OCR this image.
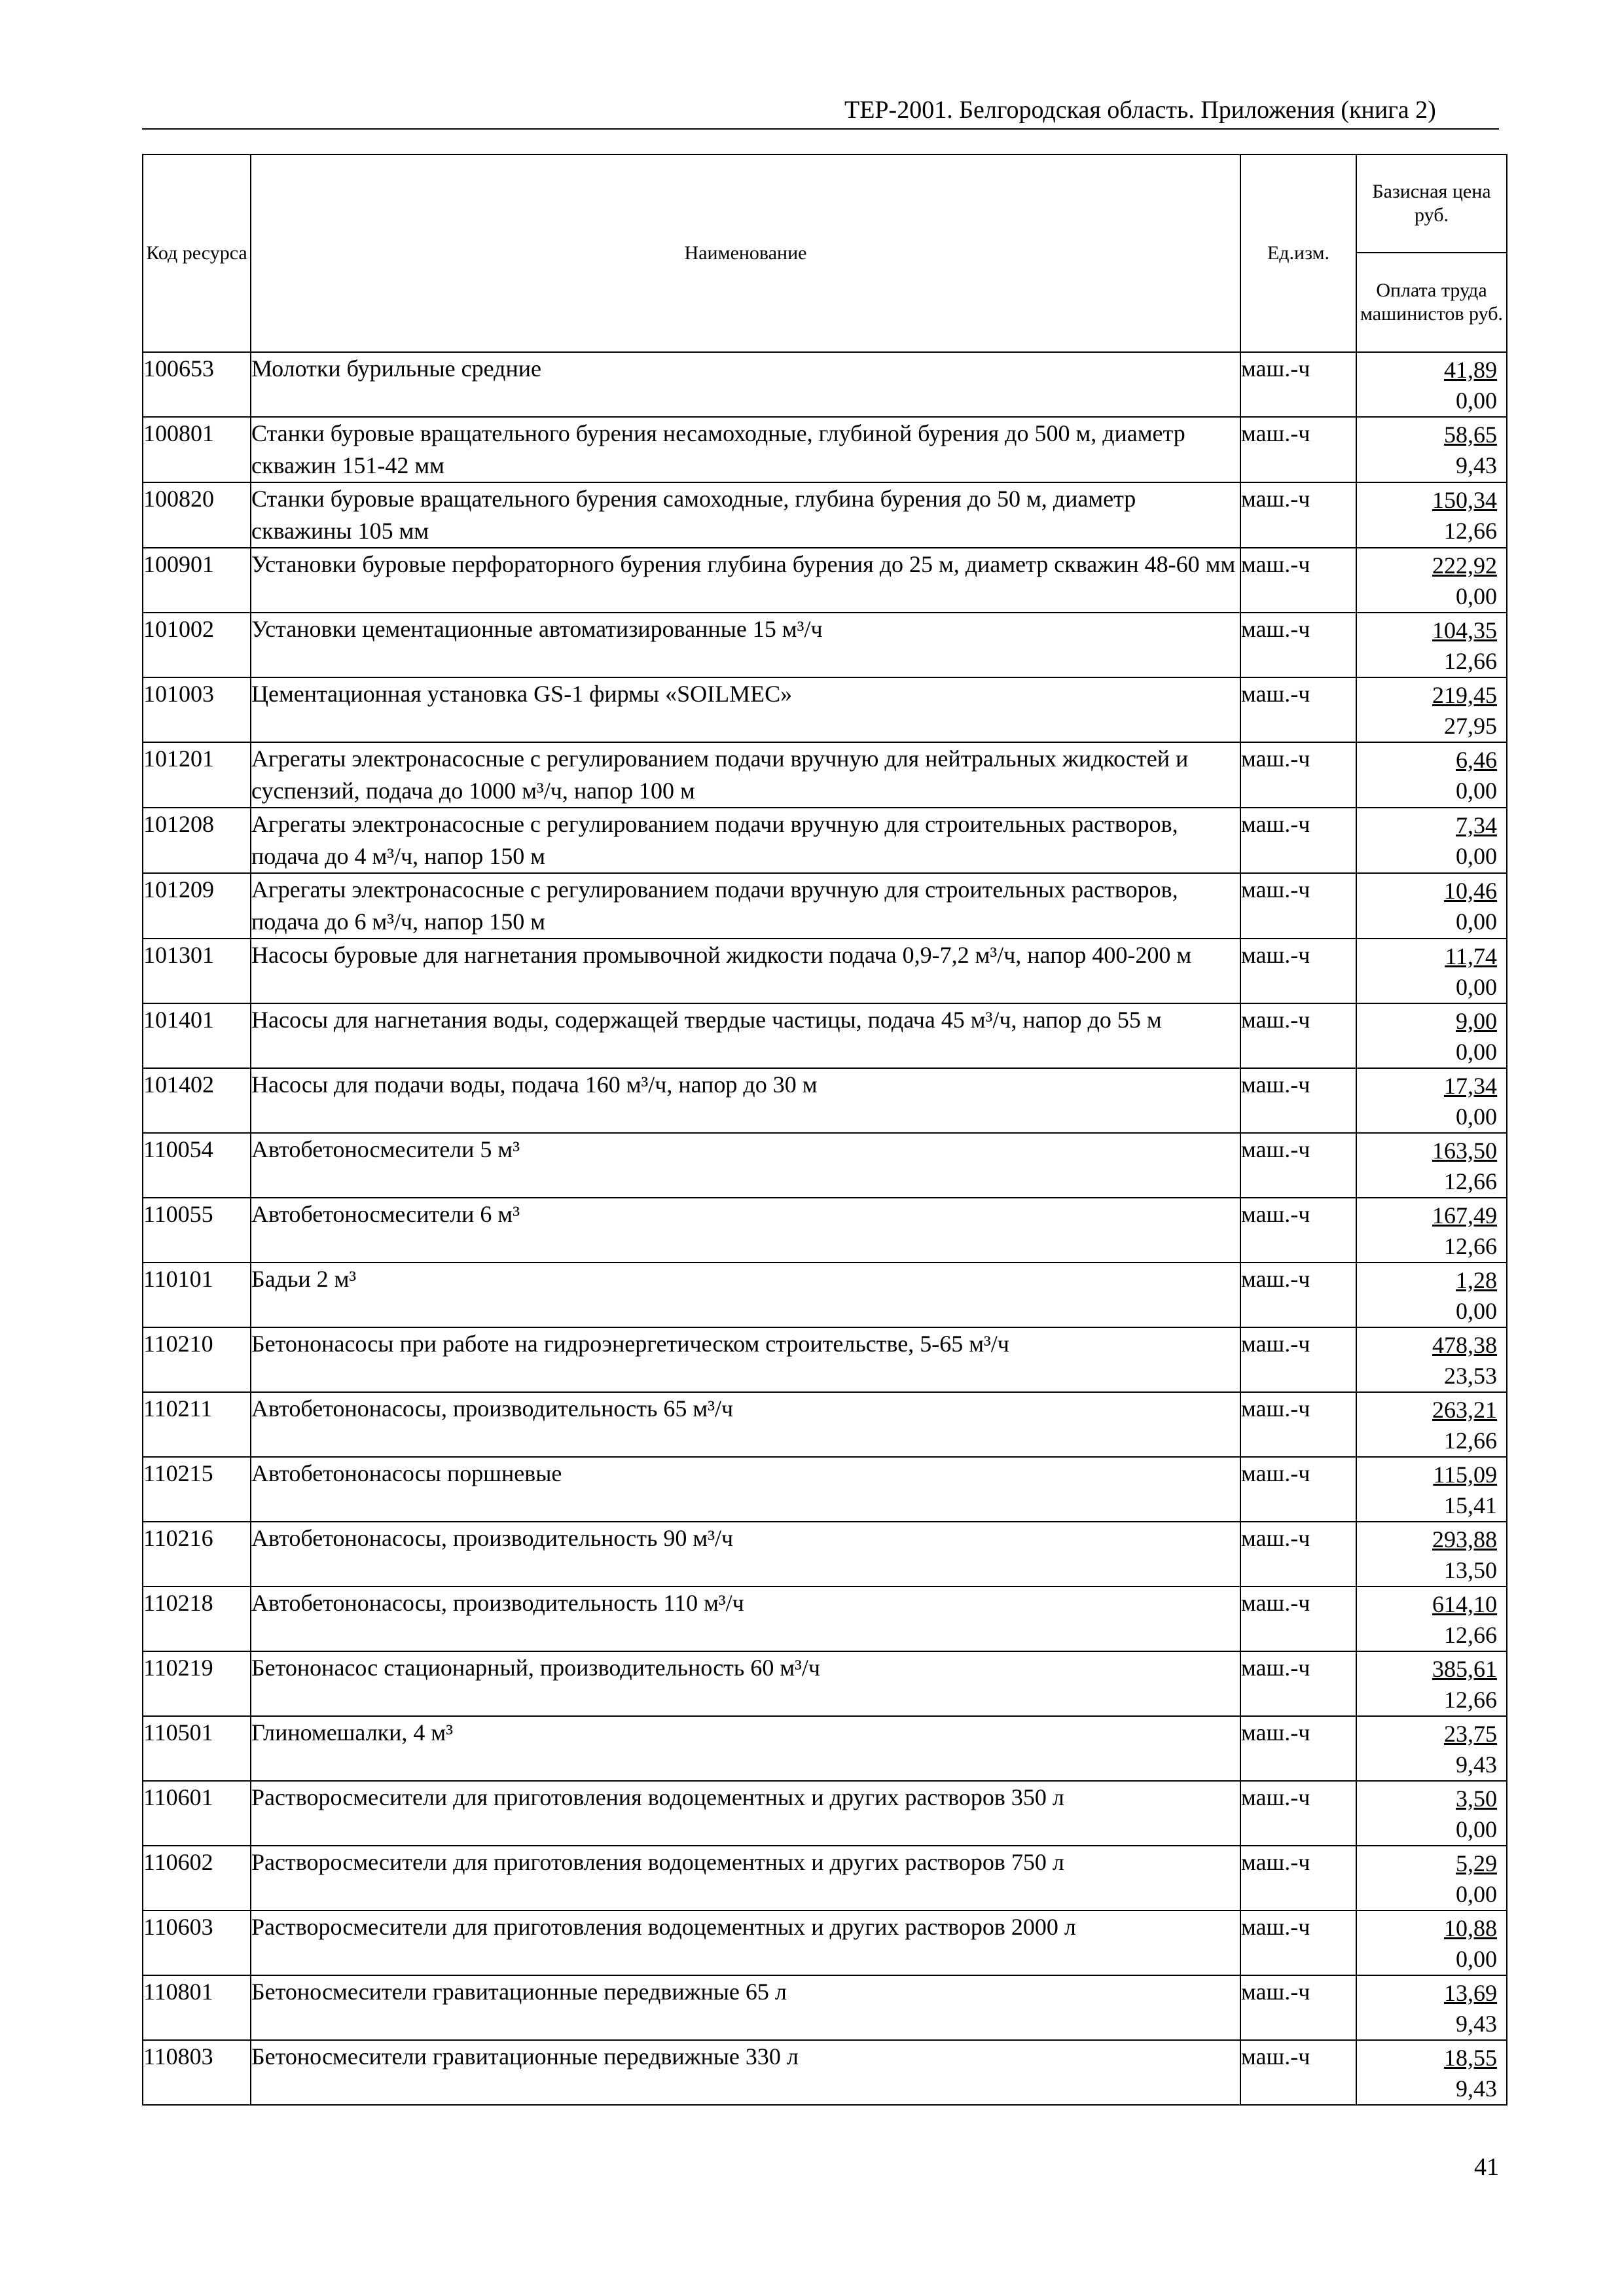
ТЕР-2001. Белгородская область. Приложения (книга 2)
Код ресурса	Наименование	Ед.изм.	Базисная цена руб.
			Оплата труда машинистов руб.
100653	Молотки бурильные средние	маш.-ч	41,89
0,00

100801	Станки буровые вращательного бурения несамоходные, глубиной бурения до 500 м, диаметр скважин 151-42 мм	маш.-ч	58,65
9,43

100820	Станки буровые вращательного бурения самоходные, глубина бурения до 50 м, диаметр скважины 105 мм	маш.-ч	150,34
12,66

100901	Установки буровые перфораторного бурения глубина бурения до 25 м, диаметр скважин 48-60 мм	маш.-ч	222,92
0,00

101002	Установки цементационные автоматизированные 15 м³/ч	маш.-ч	104,35
12,66

101003	Цементационная установка GS-1 фирмы «SOILMEC»	маш.-ч	219,45
27,95

101201	Агрегаты электронасосные с регулированием подачи вручную для нейтральных жидкостей и суспензий, подача до 1000 м³/ч, напор 100 м	маш.-ч	6,46
0,00

101208	Агрегаты электронасосные с регулированием подачи вручную для строительных растворов, подача до 4 м³/ч, напор 150 м	маш.-ч	7,34
0,00

101209	Агрегаты электронасосные с регулированием подачи вручную для строительных растворов, подача до 6 м³/ч, напор 150 м	маш.-ч	10,46
0,00

101301	Насосы буровые для нагнетания промывочной жидкости подача 0,9-7,2 м³/ч, напор 400-200 м	маш.-ч	11,74
0,00

101401	Насосы для нагнетания воды, содержащей твердые частицы, подача 45 м³/ч, напор до 55 м	маш.-ч	9,00
0,00

101402	Насосы для подачи воды, подача 160 м³/ч, напор до 30 м	маш.-ч	17,34
0,00

110054	Автобетоносмесители 5 м³	маш.-ч	163,50
12,66

110055	Автобетоносмесители 6 м³	маш.-ч	167,49
12,66

110101	Бадьи 2 м³	маш.-ч	1,28
0,00

110210	Бетононасосы при работе на гидроэнергетическом строительстве, 5-65 м³/ч	маш.-ч	478,38
23,53

110211	Автобетононасосы, производительность 65 м³/ч	маш.-ч	263,21
12,66

110215	Автобетононасосы поршневые	маш.-ч	115,09
15,41

110216	Автобетононасосы, производительность 90 м³/ч	маш.-ч	293,88
13,50

110218	Автобетононасосы, производительность 110 м³/ч	маш.-ч	614,10
12,66

110219	Бетононасос стационарный, производительность 60 м³/ч	маш.-ч	385,61
12,66

110501	Глиномешалки, 4 м³	маш.-ч	23,75
9,43

110601	Растворосмесители для приготовления водоцементных и других растворов 350 л	маш.-ч	3,50
0,00

110602	Растворосмесители для приготовления водоцементных и других растворов 750 л	маш.-ч	5,29
0,00

110603	Растворосмесители для приготовления водоцементных и других растворов 2000 л	маш.-ч	10,88
0,00

110801	Бетоносмесители гравитационные передвижные 65 л	маш.-ч	13,69
9,43

110803	Бетоносмесители гравитационные передвижные 330 л	маш.-ч	18,55
9,43
41
